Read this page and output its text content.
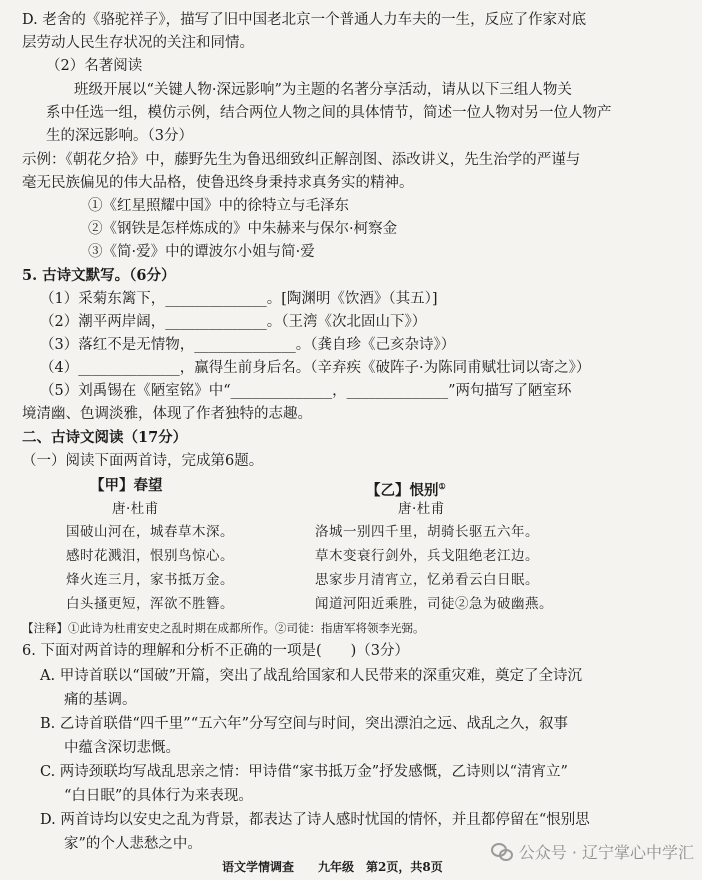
D. 老舍的《骆驼祥子》，描写了旧中国老北京一个普通人力车夫的一生，反应了作家对底
层劳动人民生存状况的关注和同情。
（2）名著阅读
班级开展以“关键人物·深远影响”为主题的名著分享活动，请从以下三组人物关
系中任选一组，模仿示例，结合两位人物之间的具体情节，简述一位人物对另一位人物产
生的深远影响。（3分）
示例：《朝花夕拾》中，藤野先生为鲁迅细致纠正解剖图、添改讲义，先生治学的严谨与
毫无民族偏见的伟大品格，使鲁迅终身秉持求真务实的精神。
①《红星照耀中国》中的徐特立与毛泽东
②《钢铁是怎样炼成的》中朱赫来与保尔·柯察金
③《简·爱》中的谭波尔小姐与简·爱
5. 古诗文默写。（6分）
（1）采菊东篱下，______________。[陶渊明《饮酒》（其五）]
（2）潮平两岸阔，______________。（王湾《次北固山下》）
（3）落红不是无情物，______________。（龚自珍《己亥杂诗》）
（4）______________，赢得生前身后名。（辛弃疾《破阵子·为陈同甫赋壮词以寄之》）
（5）刘禹锡在《陋室铭》中“______________，______________”两句描写了陋室环
境清幽、色调淡雅，体现了作者独特的志趣。
二、古诗文阅读（17分）
（一）阅读下面两首诗，完成第6题。
【甲】春望
唐·杜甫
国破山河在，城春草木深。
感时花溅泪，恨别鸟惊心。
烽火连三月，家书抵万金。
白头搔更短，浑欲不胜簪。
【乙】恨别①
唐·杜甫
洛城一别四千里，胡骑长驱五六年。
草木变衰行剑外，兵戈阻绝老江边。
思家步月清宵立，忆弟看云白日眠。
闻道河阳近乘胜，司徒②急为破幽燕。
【注释】①此诗为杜甫安史之乱时期在成都所作。②司徒：指唐军将领李光弼。
6. 下面对两首诗的理解和分析不正确的一项是(　　)（3分）
A. 甲诗首联以“国破”开篇，突出了战乱给国家和人民带来的深重灾难，奠定了全诗沉
痛的基调。
B. 乙诗首联借“四千里”“五六年”分写空间与时间，突出漂泊之远、战乱之久，叙事
中蕴含深切悲慨。
C. 两诗颈联均写战乱思亲之情：甲诗借“家书抵万金”抒发感慨，乙诗则以“清宵立”
“白日眠”的具体行为来表现。
D. 两首诗均以安史之乱为背景，都表达了诗人感时忧国的情怀，并且都停留在“恨别思
家”的个人悲愁之中。
语文学情调查　　九年级　第2页，共8页
公众号 · 辽宁掌心中学汇
